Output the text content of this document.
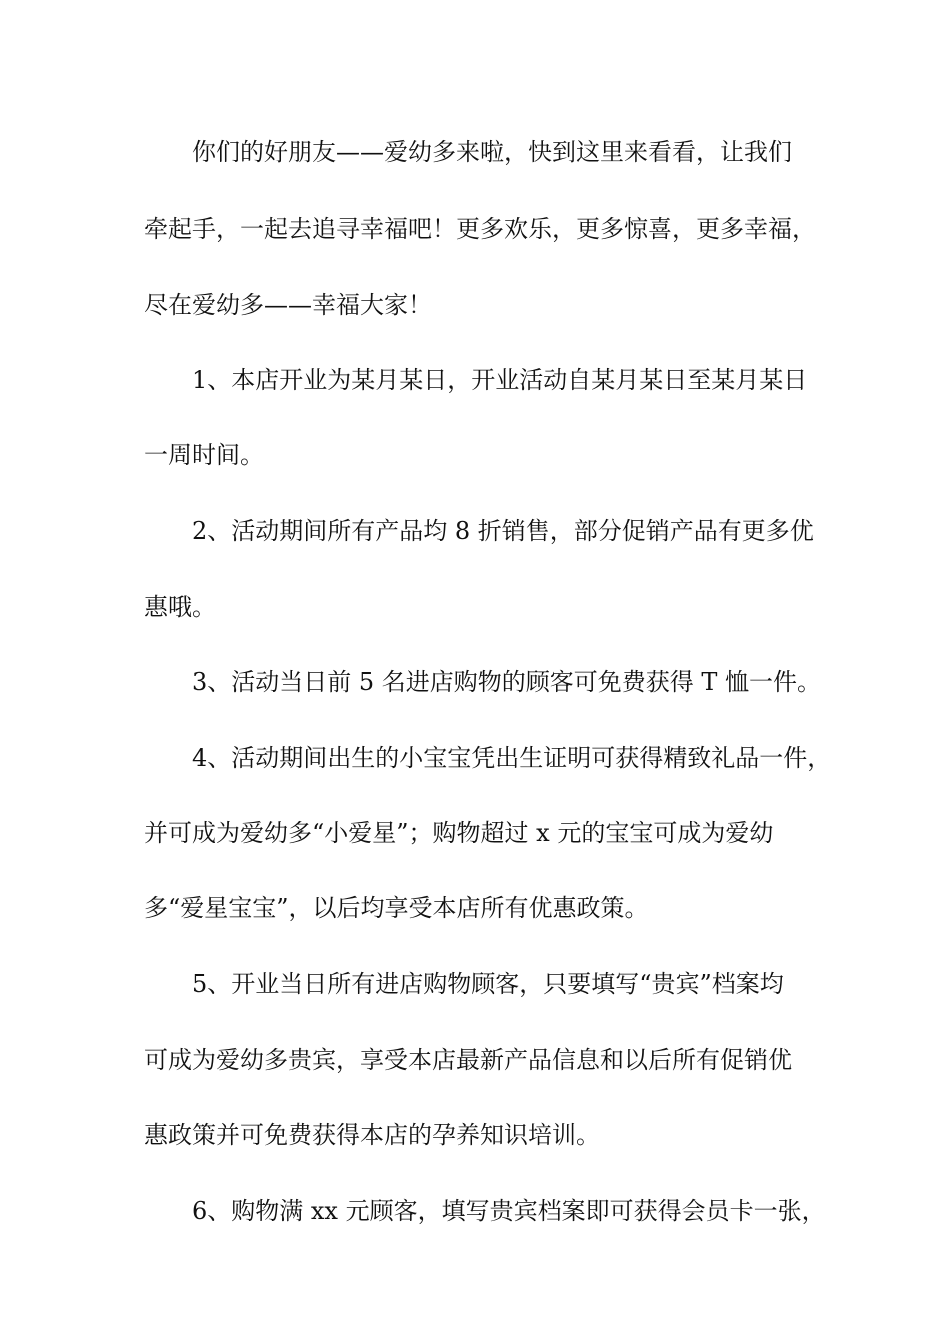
你们的好朋友——爱幼多来啦，快到这里来看看，让我们
牵起手，一起去追寻幸福吧！更多欢乐，更多惊喜，更多幸福，
尽在爱幼多——幸福大家！
1、本店开业为某月某日，开业活动自某月某日至某月某日
一周时间。
2、活动期间所有产品均 8 折销售，部分促销产品有更多优
惠哦。
3、活动当日前 5 名进店购物的顾客可免费获得 T 恤一件。
4、活动期间出生的小宝宝凭出生证明可获得精致礼品一件，
并可成为爱幼多“小爱星”；购物超过 x 元的宝宝可成为爱幼
多“爱星宝宝”，以后均享受本店所有优惠政策。
5、开业当日所有进店购物顾客，只要填写“贵宾”档案均
可成为爱幼多贵宾，享受本店最新产品信息和以后所有促销优
惠政策并可免费获得本店的孕养知识培训。
6、购物满 xx 元顾客，填写贵宾档案即可获得会员卡一张，
